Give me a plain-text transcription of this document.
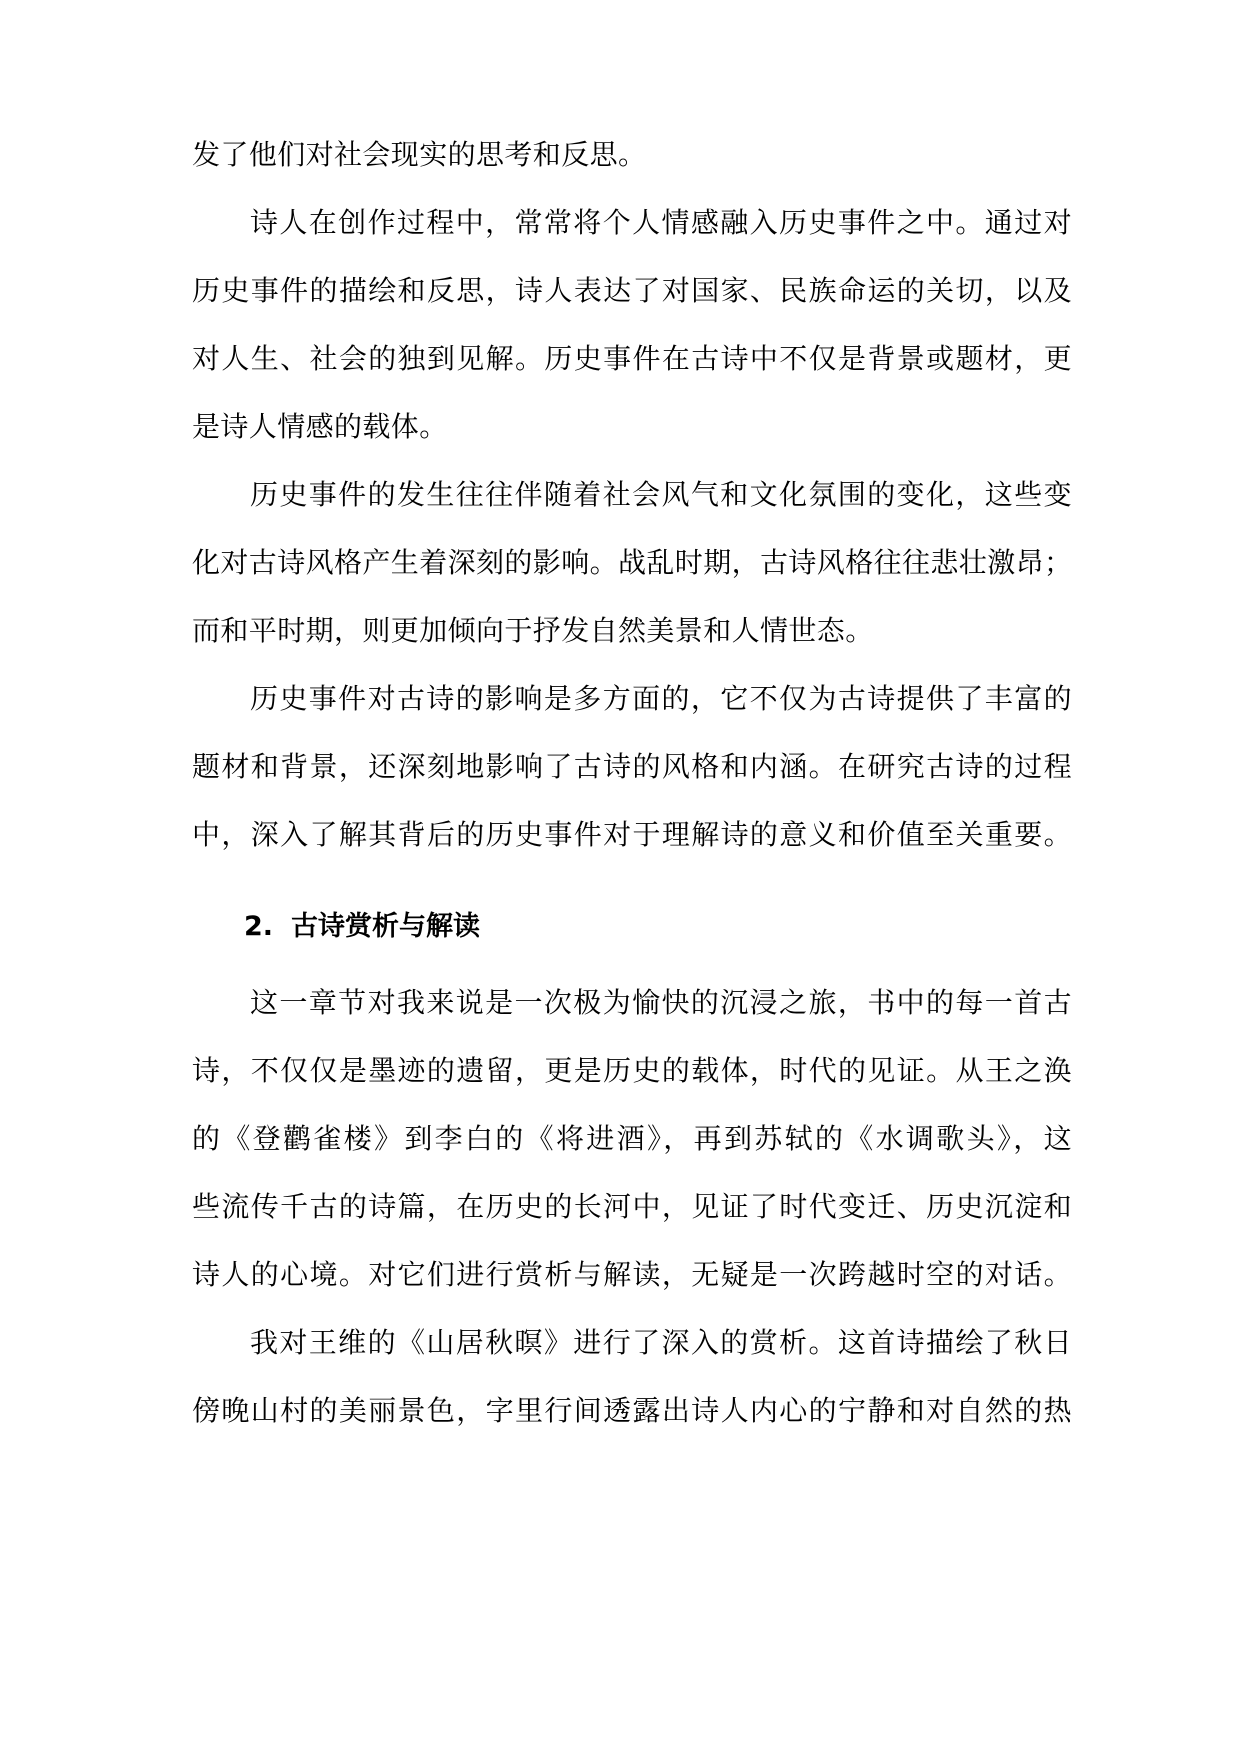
发了他们对社会现实的思考和反思。
诗人在创作过程中，常常将个人情感融入历史事件之中。通过对
历史事件的描绘和反思，诗人表达了对国家、民族命运的关切，以及
对人生、社会的独到见解。历史事件在古诗中不仅是背景或题材，更
是诗人情感的载体。
历史事件的发生往往伴随着社会风气和文化氛围的变化，这些变
化对古诗风格产生着深刻的影响。战乱时期，古诗风格往往悲壮激昂；
而和平时期，则更加倾向于抒发自然美景和人情世态。
历史事件对古诗的影响是多方面的，它不仅为古诗提供了丰富的
题材和背景，还深刻地影响了古诗的风格和内涵。在研究古诗的过程
中，深入了解其背后的历史事件对于理解诗的意义和价值至关重要。
2. 古诗赏析与解读
这一章节对我来说是一次极为愉快的沉浸之旅，书中的每一首古
诗，不仅仅是墨迹的遗留，更是历史的载体，时代的见证。从王之涣
的《登鹳雀楼》到李白的《将进酒》，再到苏轼的《水调歌头》，这
些流传千古的诗篇，在历史的长河中，见证了时代变迁、历史沉淀和
诗人的心境。对它们进行赏析与解读，无疑是一次跨越时空的对话。
我对王维的《山居秋暝》进行了深入的赏析。这首诗描绘了秋日
傍晚山村的美丽景色，字里行间透露出诗人内心的宁静和对自然的热
